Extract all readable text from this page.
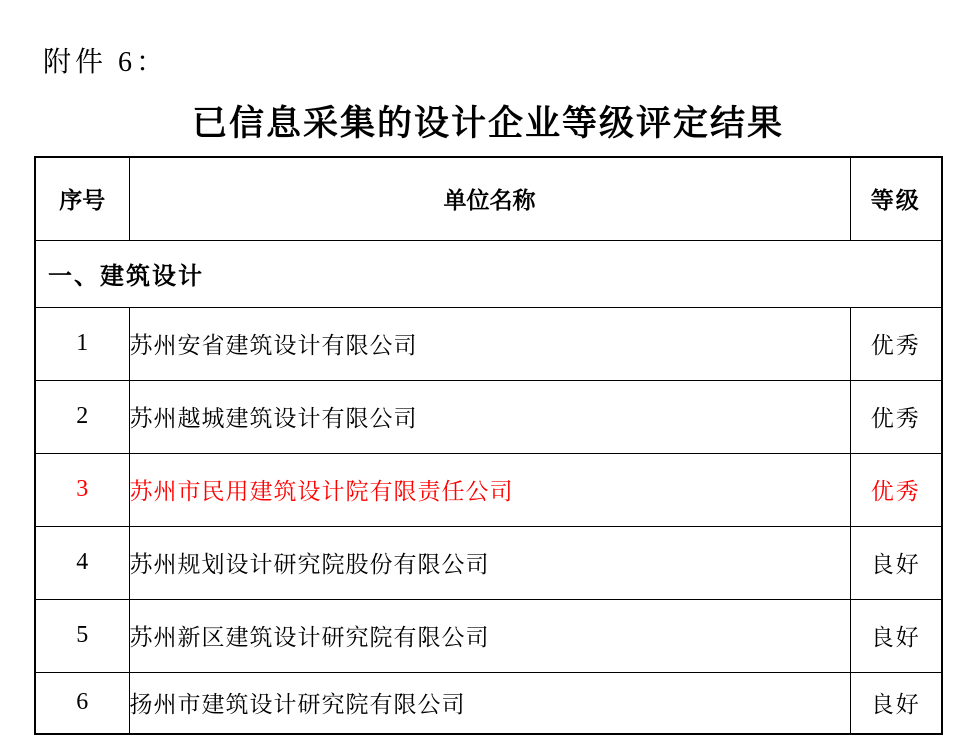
附件 6：
已信息采集的设计企业等级评定结果
序号	单位名称	等级
一、建筑设计		
1	苏州安省建筑设计有限公司	优秀
2	苏州越城建筑设计有限公司	优秀
3	苏州市民用建筑设计院有限责任公司	优秀
4	苏州规划设计研究院股份有限公司	良好
5	苏州新区建筑设计研究院有限公司	良好
6	扬州市建筑设计研究院有限公司	良好
